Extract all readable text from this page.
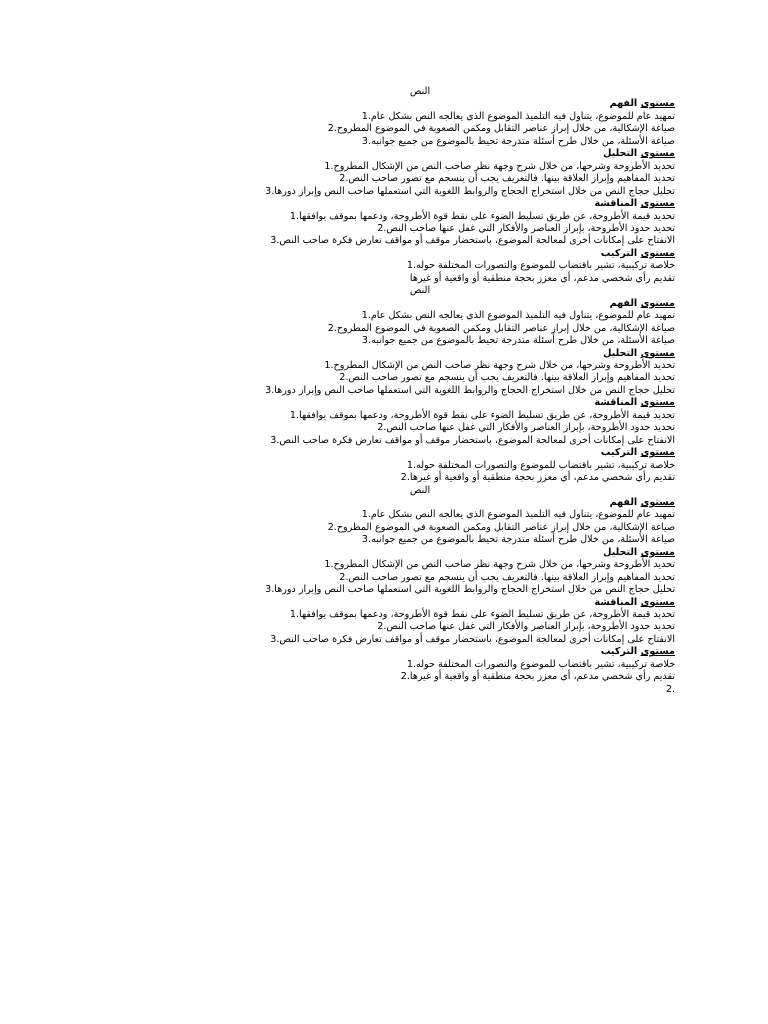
النص
مستوى الفهم
تمهيد عام للموضوع، يتناول فيه التلميذ الموضوع الذي يعالجه النص بشكل عام.1
صياغة الإشكالية، من خلال إبراز عناصر التقابل ومكمن الصعوبة في الموضوع المطروح.2
صياغة الأسئلة، من خلال طرح أسئلة متدرجة تحيط بالموضوع من جميع جوانبه.3
مستوى التحليل
تحديد الأطروحة وشرحها، من خلال شرح وجهة نظر صاحب النص من الإشكال المطروح.1
تحديد المفاهيم وإبراز العلاقة بينها. فالتعريف يجب أن ينسجم مع تصور صاحب النص.2
تحليل حجاج النص من خلال استخراج الحجاج والروابط اللغوية التي استعملها صاحب النص وإبراز دورها.3
مستوى المناقشة
تحديد قيمة الأطروحة، عن طريق تسليط الضوء على نقط قوة الأطروحة، ودعمها بموقف يوافقها.1
تحديد حدود الأطروحة، بإبراز العناصر والأفكار التي غفل عنها صاحب النص.2
الانفتاح على إمكانات أخرى لمعالجة الموضوع، باستحضار موقف أو مواقف تعارض فكرة صاحب النص.3
مستوى التركيب
خلاصة تركيبية، تشير باقتضاب للموضوع والتصورات المختلفة حوله.1
تقديم رأي شخصي مدعم، أي معزز بحجة منطقية أو واقعية أو غيرها
النص
مستوى الفهم
تمهيد عام للموضوع، يتناول فيه التلميذ الموضوع الذي يعالجه النص بشكل عام.1
صياغة الإشكالية، من خلال إبراز عناصر التقابل ومكمن الصعوبة في الموضوع المطروح.2
صياغة الأسئلة، من خلال طرح أسئلة متدرجة تحيط بالموضوع من جميع جوانبه.3
مستوى التحليل
تحديد الأطروحة وشرحها، من خلال شرح وجهة نظر صاحب النص من الإشكال المطروح.1
تحديد المفاهيم وإبراز العلاقة بينها. فالتعريف يجب أن ينسجم مع تصور صاحب النص.2
تحليل حجاج النص من خلال استخراج الحجاج والروابط اللغوية التي استعملها صاحب النص وإبراز دورها.3
مستوى المناقشة
تحديد قيمة الأطروحة، عن طريق تسليط الضوء على نقط قوة الأطروحة، ودعمها بموقف يوافقها.1
تحديد حدود الأطروحة، بإبراز العناصر والأفكار التي غفل عنها صاحب النص.2
الانفتاح على إمكانات أخرى لمعالجة الموضوع، باستحضار موقف أو مواقف تعارض فكرة صاحب النص.3
مستوى التركيب
خلاصة تركيبية، تشير باقتضاب للموضوع والتصورات المختلفة حوله.1
تقديم رأي شخصي مدعم، أي معزز بحجة منطقية أو واقعية أو غيرها.2
النص
مستوى الفهم
تمهيد عام للموضوع، يتناول فيه التلميذ الموضوع الذي يعالجه النص بشكل عام.1
صياغة الإشكالية، من خلال إبراز عناصر التقابل ومكمن الصعوبة في الموضوع المطروح.2
صياغة الأسئلة، من خلال طرح أسئلة متدرجة تحيط بالموضوع من جميع جوانبه.3
مستوى التحليل
تحديد الأطروحة وشرحها، من خلال شرح وجهة نظر صاحب النص من الإشكال المطروح.1
تحديد المفاهيم وإبراز العلاقة بينها. فالتعريف يجب أن ينسجم مع تصور صاحب النص.2
تحليل حجاج النص من خلال استخراج الحجاج والروابط اللغوية التي استعملها صاحب النص وإبراز دورها.3
مستوى المناقشة
تحديد قيمة الأطروحة، عن طريق تسليط الضوء على نقط قوة الأطروحة، ودعمها بموقف يوافقها.1
تحديد حدود الأطروحة، بإبراز العناصر والأفكار التي غفل عنها صاحب النص.2
الانفتاح على إمكانات أخرى لمعالجة الموضوع، باستحضار موقف أو مواقف تعارض فكرة صاحب النص.3
مستوى التركيب
خلاصة تركيبية، تشير باقتضاب للموضوع والتصورات المختلفة حوله.1
تقديم رأي شخصي مدعم، أي معزز بحجة منطقية أو واقعية أو غيرها.2
.2
